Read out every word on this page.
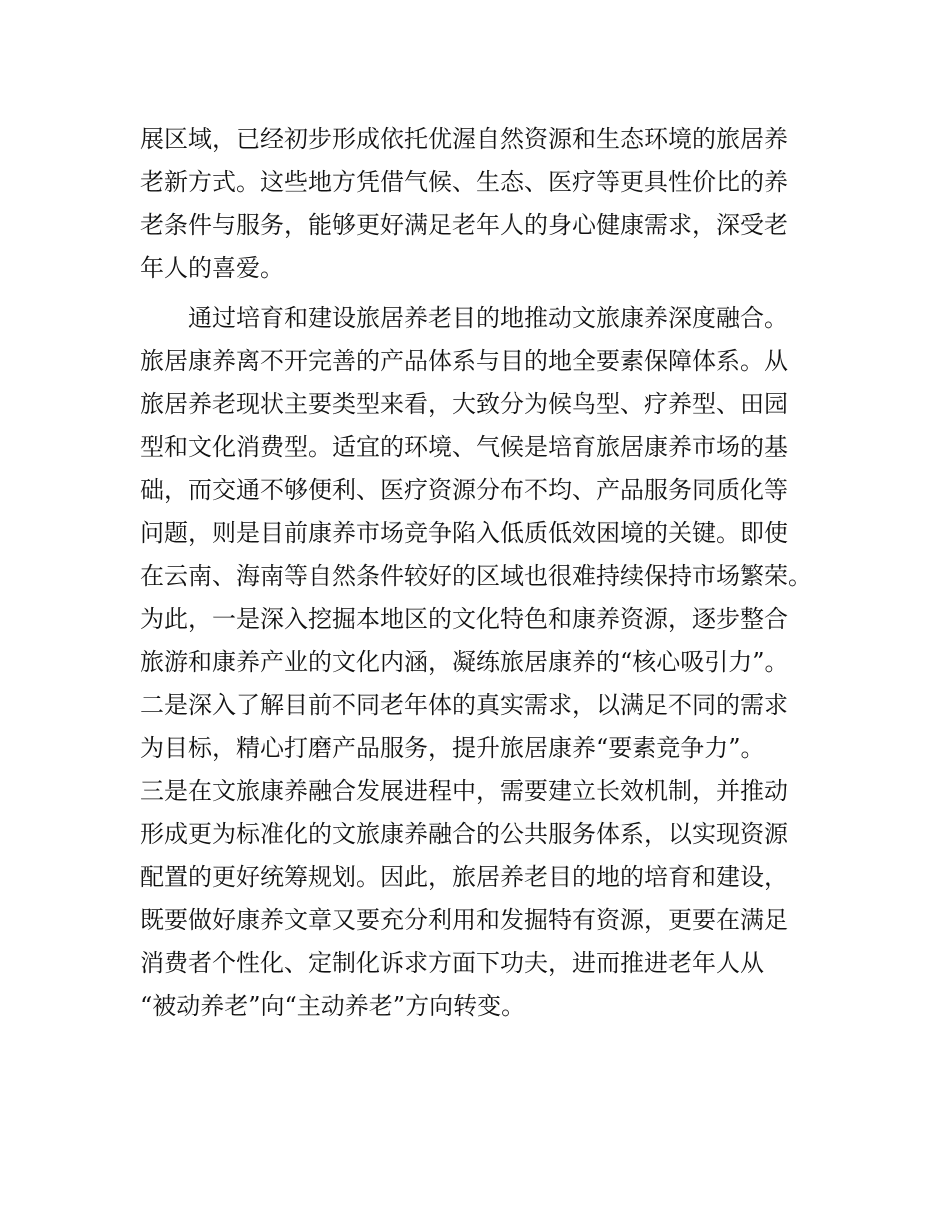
展区域，已经初步形成依托优渥自然资源和生态环境的旅居养
老新方式。这些地方凭借气候、生态、医疗等更具性价比的养
老条件与服务，能够更好满足老年人的身心健康需求，深受老
年人的喜爱。
　　通过培育和建设旅居养老目的地推动文旅康养深度融合。
旅居康养离不开完善的产品体系与目的地全要素保障体系。从
旅居养老现状主要类型来看，大致分为候鸟型、疗养型、田园
型和文化消费型。适宜的环境、气候是培育旅居康养市场的基
础，而交通不够便利、医疗资源分布不均、产品服务同质化等
问题，则是目前康养市场竞争陷入低质低效困境的关键。即使
在云南、海南等自然条件较好的区域也很难持续保持市场繁荣。
为此，一是深入挖掘本地区的文化特色和康养资源，逐步整合
旅游和康养产业的文化内涵，凝练旅居康养的“核心吸引力”。
二是深入了解目前不同老年体的真实需求，以满足不同的需求
为目标，精心打磨产品服务，提升旅居康养“要素竞争力”。
三是在文旅康养融合发展进程中，需要建立长效机制，并推动
形成更为标准化的文旅康养融合的公共服务体系，以实现资源
配置的更好统筹规划。因此，旅居养老目的地的培育和建设，
既要做好康养文章又要充分利用和发掘特有资源，更要在满足
消费者个性化、定制化诉求方面下功夫，进而推进老年人从
“被动养老”向“主动养老”方向转变。
